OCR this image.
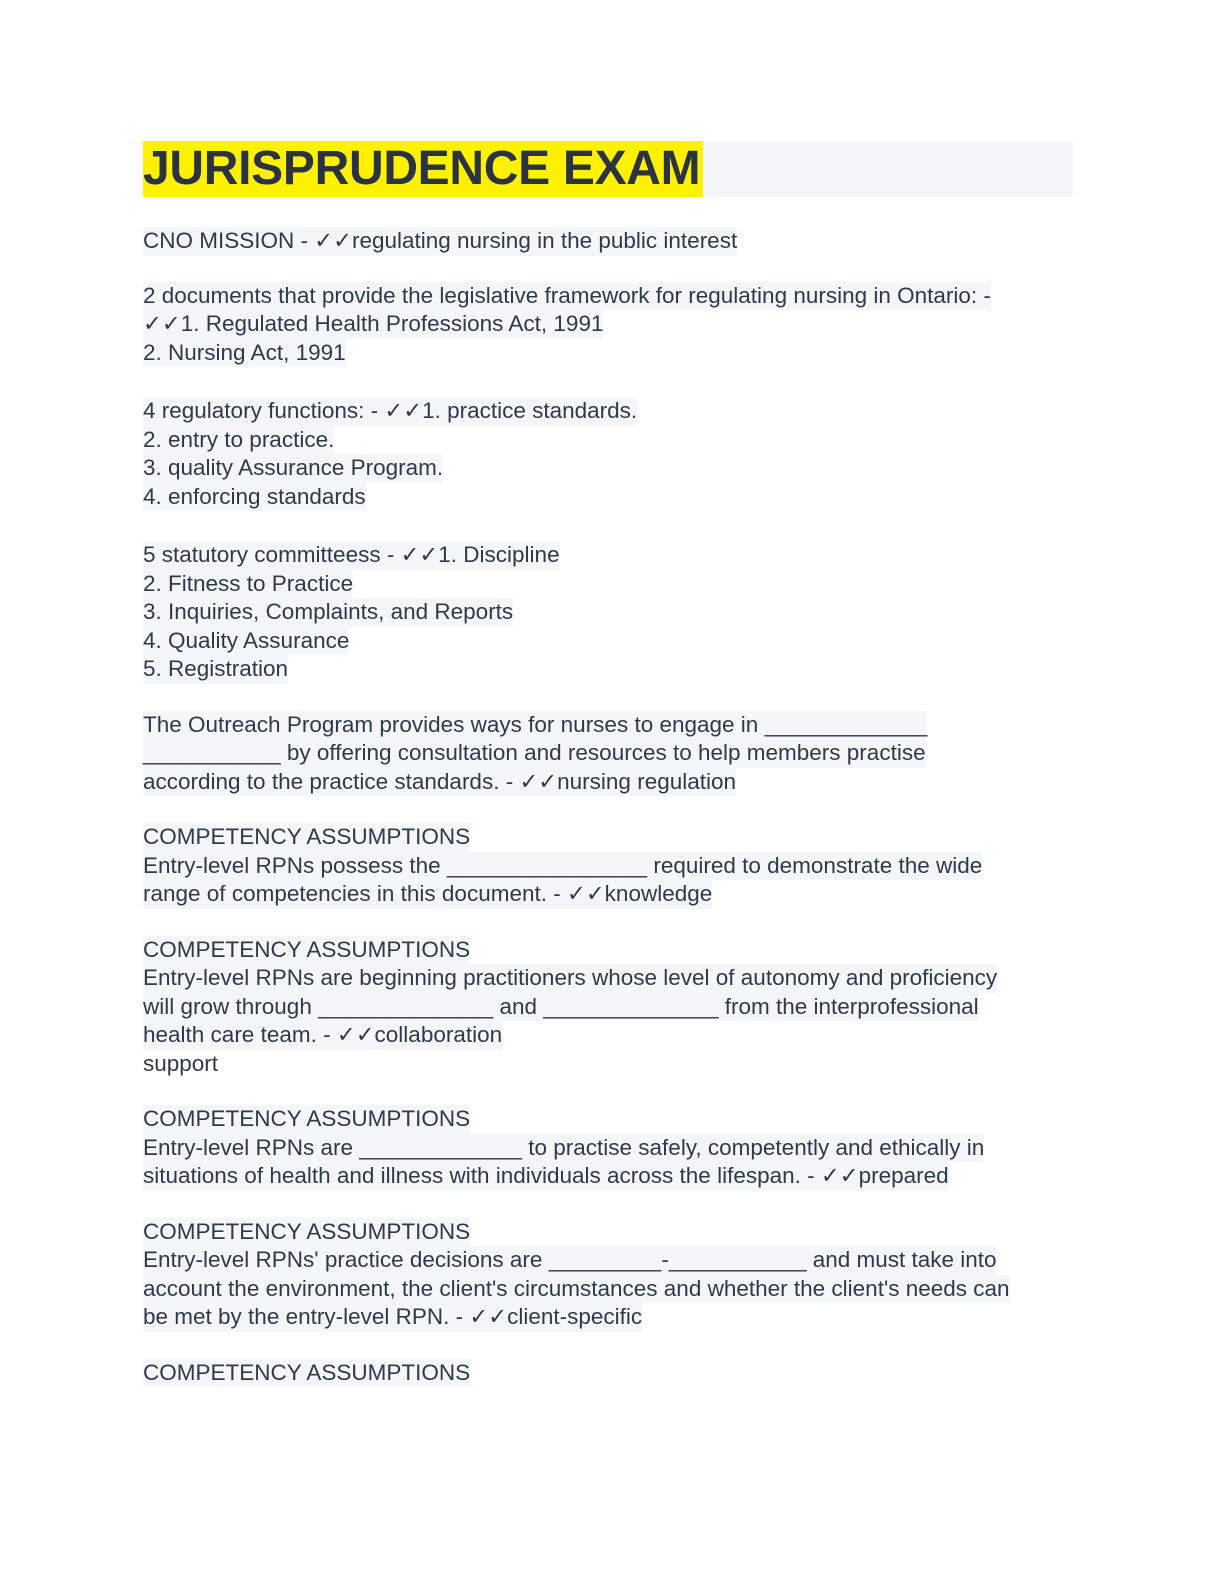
JURISPRUDENCE EXAM
CNO MISSION - ✓✓regulating nursing in the public interest
2 documents that provide the legislative framework for regulating nursing in Ontario: -
✓✓1. Regulated Health Professions Act, 1991
2. Nursing Act, 1991
4 regulatory functions: - ✓✓1. practice standards.
2. entry to practice.
3. quality Assurance Program.
4. enforcing standards
5 statutory committeess - ✓✓1. Discipline
2. Fitness to Practice
3. Inquiries, Complaints, and Reports
4. Quality Assurance
5. Registration
The Outreach Program provides ways for nurses to engage in _____________
___________ by offering consultation and resources to help members practise
according to the practice standards. - ✓✓nursing regulation
COMPETENCY ASSUMPTIONS
Entry-level RPNs possess the ________________ required to demonstrate the wide
range of competencies in this document. - ✓✓knowledge
COMPETENCY ASSUMPTIONS
Entry-level RPNs are beginning practitioners whose level of autonomy and proficiency
will grow through ______________ and ______________ from the interprofessional
health care team. - ✓✓collaboration
support
COMPETENCY ASSUMPTIONS
Entry-level RPNs are _____________ to practise safely, competently and ethically in
situations of health and illness with individuals across the lifespan. - ✓✓prepared
COMPETENCY ASSUMPTIONS
Entry-level RPNs' practice decisions are _________-___________ and must take into
account the environment, the client's circumstances and whether the client's needs can
be met by the entry-level RPN. - ✓✓client-specific
COMPETENCY ASSUMPTIONS
